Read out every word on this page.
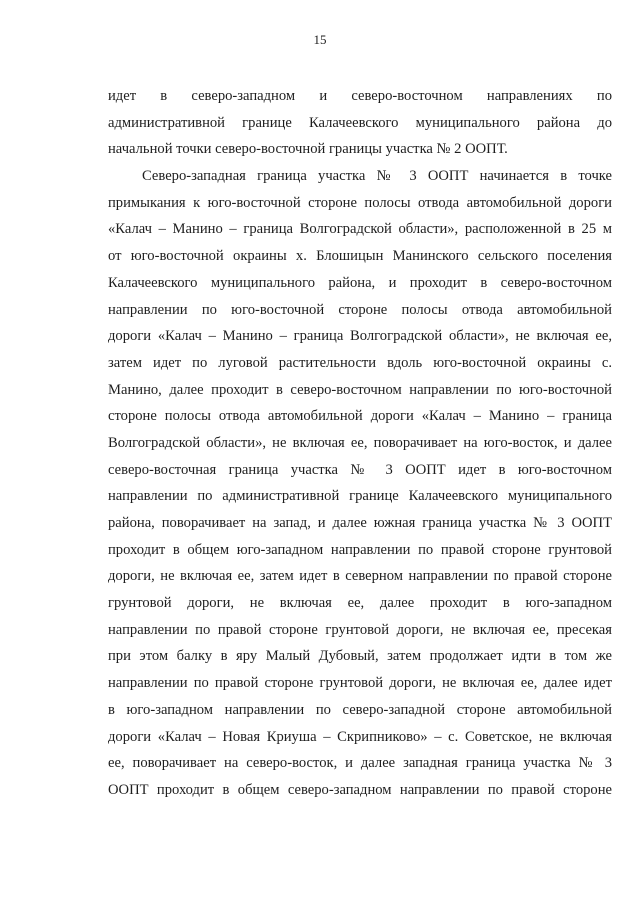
15
идет в северо-западном и северо-восточном направлениях по
административной границе Калачеевского муниципального района до
начальной точки северо-восточной границы участка № 2 ООПТ.
Северо-западная граница участка № 3 ООПТ начинается в точке
примыкания к юго-восточной стороне полосы отвода автомобильной дороги
«Калач – Манино – граница Волгоградской области», расположенной в 25 м
от юго-восточной окраины х. Блошицын Манинского сельского поселения
Калачеевского муниципального района, и проходит в северо-восточном
направлении по юго-восточной стороне полосы отвода автомобильной
дороги «Калач – Манино – граница Волгоградской области», не включая ее,
затем идет по луговой растительности вдоль юго-восточной окраины с.
Манино, далее проходит в северо-восточном направлении по юго-восточной
стороне полосы отвода автомобильной дороги «Калач – Манино – граница
Волгоградской области», не включая ее, поворачивает на юго-восток, и далее
северо-восточная граница участка № 3 ООПТ идет в юго-восточном
направлении по административной границе Калачеевского муниципального
района, поворачивает на запад, и далее южная граница участка № 3 ООПТ
проходит в общем юго-западном направлении по правой стороне грунтовой
дороги, не включая ее, затем идет в северном направлении по правой стороне
грунтовой дороги, не включая ее, далее проходит в юго-западном
направлении по правой стороне грунтовой дороги, не включая ее, пресекая
при этом балку в яру Малый Дубовый, затем продолжает идти в том же
направлении по правой стороне грунтовой дороги, не включая ее, далее идет
в юго-западном направлении по северо-западной стороне автомобильной
дороги «Калач – Новая Криуша – Скрипниково» – с. Советское, не включая
ее, поворачивает на северо-восток, и далее западная граница участка № 3
ООПТ проходит в общем северо-западном направлении по правой стороне
